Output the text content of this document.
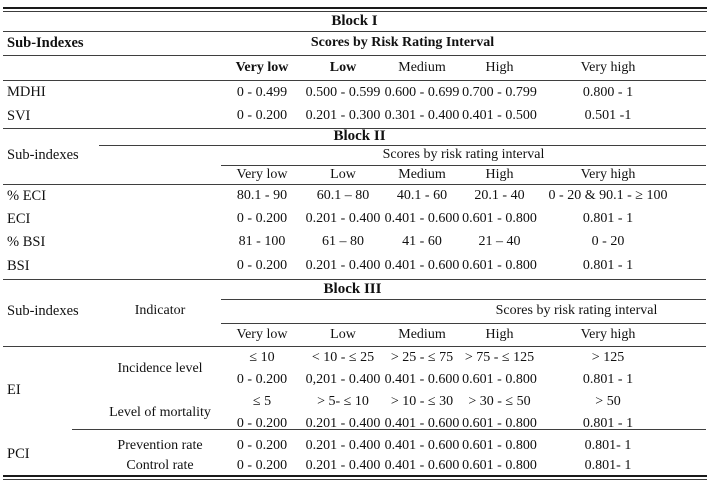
Block I						
Sub-Indexes	Scores by Risk Rating Interval					
		Very low	Low	Medium	High	Very high
MDHI		0 - 0.499	0.500 - 0.599	0.600 - 0.699	0.700 - 0.799	0.800 - 1
SVI		0 - 0.200	0.201 - 0.300	0.301 - 0.400	0.401 - 0.500	0.501 -1
	Block II					
Sub-indexes		Scores by risk rating interval				
		Very low	Low	Medium	High	Very high
% ECI		80.1 - 90	60.1 – 80	40.1 - 60	20.1 - 40	0 - 20 & 90.1 - ≥ 100
ECI		0 - 0.200	0.201 - 0.400	0.401 - 0.600	0.601 - 0.800	0.801 - 1
% BSI		81 - 100	61 – 80	41 - 60	21 – 40	0 - 20
BSI		0 - 0.200	0.201 - 0.400	0.401 - 0.600	0.601 - 0.800	0.801 - 1
		Block III				
Sub-indexes	Indicator	Scores by risk rating interval				
		Very low	Low	Medium	High	Very high
EI	Incidence level	≤ 10	< 10 - ≤ 25	> 25 - ≤ 75	> 75 - ≤ 125	> 125
		0 - 0.200	0,201 - 0.400	0.401 - 0.600	0.601 - 0.800	0.801 - 1
	Level of mortality	≤ 5	> 5- ≤ 10	> 10 - ≤ 30	> 30 - ≤ 50	> 50
		0 - 0.200	0.201 - 0.400	0.401 - 0.600	0.601 - 0.800	0.801 - 1
PCI	Prevention rate	0 - 0.200	0.201 - 0.400	0.401 - 0.600	0.601 - 0.800	0.801- 1
	Control rate	0 - 0.200	0.201 - 0.400	0.401 - 0.600	0.601 - 0.800	0.801- 1
